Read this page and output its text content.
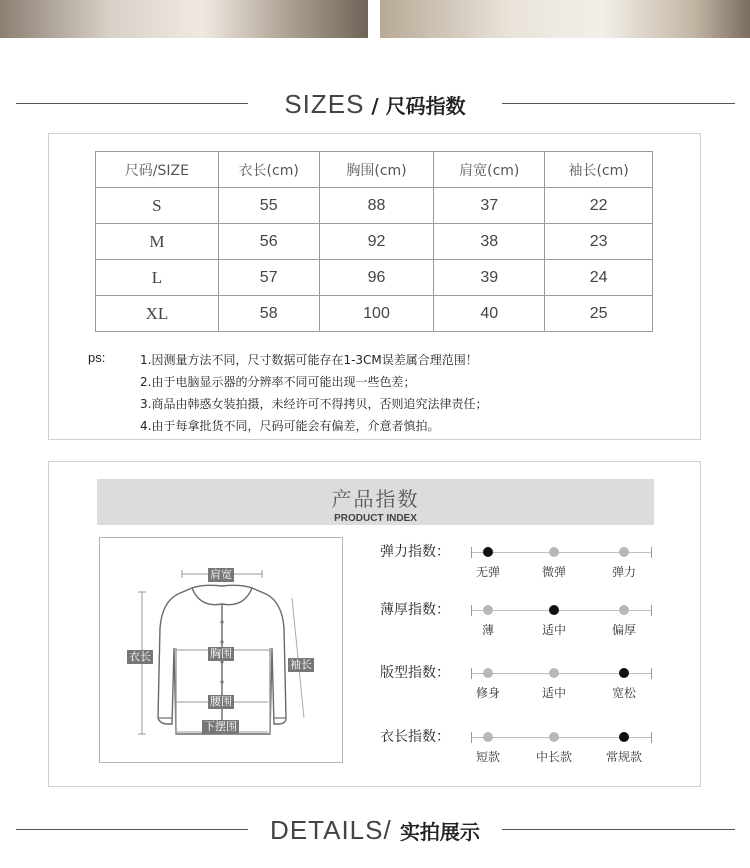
SIZES / 尺码指数
尺码/SIZE	衣长(cm)	胸围(cm)	肩宽(cm)	袖长(cm)
S	55	88	37	22
M	56	92	38	23
L	57	96	39	24
XL	58	100	40	25
ps:	1.因测量方法不同，尺寸数据可能存在1-3CM误差属合理范围！
2.由于电脑显示器的分辨率不同可能出现一些色差；
3.商品由韩惑女装拍摄，未经许可不得拷贝，否则追究法律责任；
4.由于每拿批货不同，尺码可能会有偏差，介意者慎拍。
产品指数
PRODUCT INDEX
肩宽
衣长	胸围
袖长
腰围
下摆围
弹力指数：
无弹	微弹	弹力
薄厚指数：
薄	适中	偏厚
版型指数：
修身	适中	宽松
衣长指数：
短款	中长款	常规款
DETAILS/ 实拍展示
